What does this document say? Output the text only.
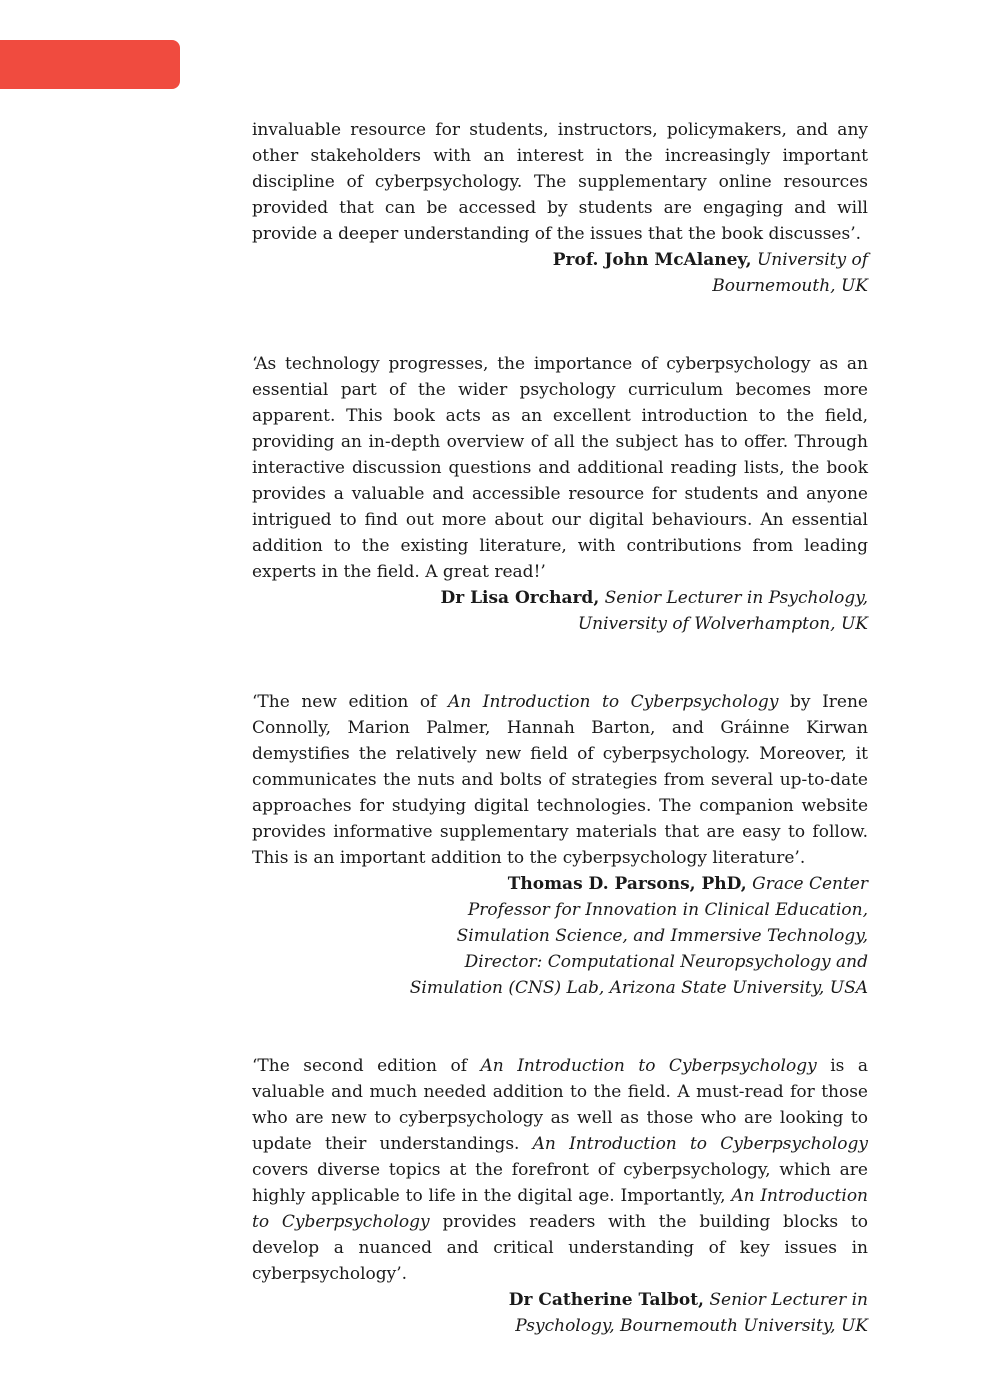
invaluable resource for students, instructors, policymakers, and any other stakeholders with an interest in the increasingly important discipline of cyberpsychology. The supplementary online resources provided that can be accessed by students are engaging and will provide a deeper understanding of the issues that the book discusses’.

Prof. John McAlaney, University of
Bournemouth, UK

‘As technology progresses, the importance of cyberpsychology as an essential part of the wider psychology curriculum becomes more apparent. This book acts as an excellent introduction to the field, providing an in-depth overview of all the subject has to offer. Through interactive discussion questions and additional reading lists, the book provides a valuable and accessible resource for students and anyone intrigued to find out more about our digital behaviours. An essential addition to the existing literature, with contributions from leading experts in the field. A great read!’

Dr Lisa Orchard, Senior Lecturer in Psychology,
University of Wolverhampton, UK

‘The new edition of An Introduction to Cyberpsychology by Irene Connolly, Marion Palmer, Hannah Barton, and Gráinne Kirwan demystifies the relatively new field of cyberpsychology. Moreover, it communicates the nuts and bolts of strategies from several up-to-date approaches for studying digital technologies. The companion website provides informative supplementary materials that are easy to follow. This is an important addition to the cyberpsychology literature’.

Thomas D. Parsons, PhD, Grace Center
Professor for Innovation in Clinical Education,
Simulation Science, and Immersive Technology,
Director: Computational Neuropsychology and
Simulation (CNS) Lab, Arizona State University, USA

‘The second edition of An Introduction to Cyberpsychology is a valuable and much needed addition to the field. A must-read for those who are new to cyberpsychology as well as those who are looking to update their understandings. An Introduction to Cyberpsychology covers diverse topics at the forefront of cyberpsychology, which are highly applicable to life in the digital age. Importantly, An Introduction to Cyberpsychology provides readers with the building blocks to develop a nuanced and critical understanding of key issues in cyberpsychology’.

Dr Catherine Talbot, Senior Lecturer in
Psychology, Bournemouth University, UK
